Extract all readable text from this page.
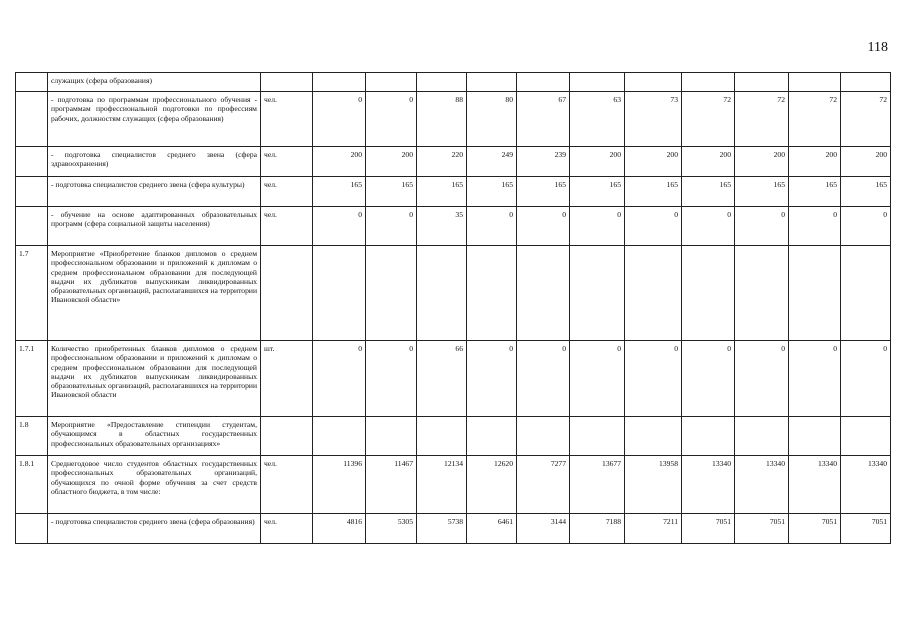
118
	служащих (сфера образования)												
	- подготовка по программам профессионального обучения - программам профессиональной подготовки по профессиям рабочих, должностям служащих (сфера образования)	чел.	0	0	88	80	67	63	73	72	72	72	72
	- подготовка специалистов среднего звена (сфера здравоохранения)	чел.	200	200	220	249	239	200	200	200	200	200	200
	- подготовка специалистов среднего звена (сфера культуры)	чел.	165	165	165	165	165	165	165	165	165	165	165
	- обучение на основе адаптированных образовательных программ (сфера социальной защиты населения)	чел.	0	0	35	0	0	0	0	0	0	0	0
1.7	Мероприятие «Приобретение бланков дипломов о среднем профессиональном образовании и приложений к дипломам о среднем профессиональном образовании для последующей выдачи их дубликатов выпускникам ликвидированных образовательных организаций, располагавшихся на территории Ивановской области»												
1.7.1	Количество приобретенных бланков дипломов о среднем профессиональном образовании и приложений к дипломам о среднем профессиональном образовании для последующей выдачи их дубликатов выпускникам ликвидированных образовательных организаций, располагавшихся на территории Ивановской области	шт.	0	0	66	0	0	0	0	0	0	0	0
1.8	Мероприятие «Предоставление стипендии студентам, обучающимся в областных государственных профессиональных образовательных организациях»												
1.8.1	Среднегодовое число студентов областных государственных профессиональных образовательных организаций, обучающихся по очной форме обучения за счет средств областного бюджета, в том числе:	чел.	11396	11467	12134	12620	7277	13677	13958	13340	13340	13340	13340
	- подготовка специалистов среднего звена (сфера образования)	чел.	4816	5305	5738	6461	3144	7188	7211	7051	7051	7051	7051
